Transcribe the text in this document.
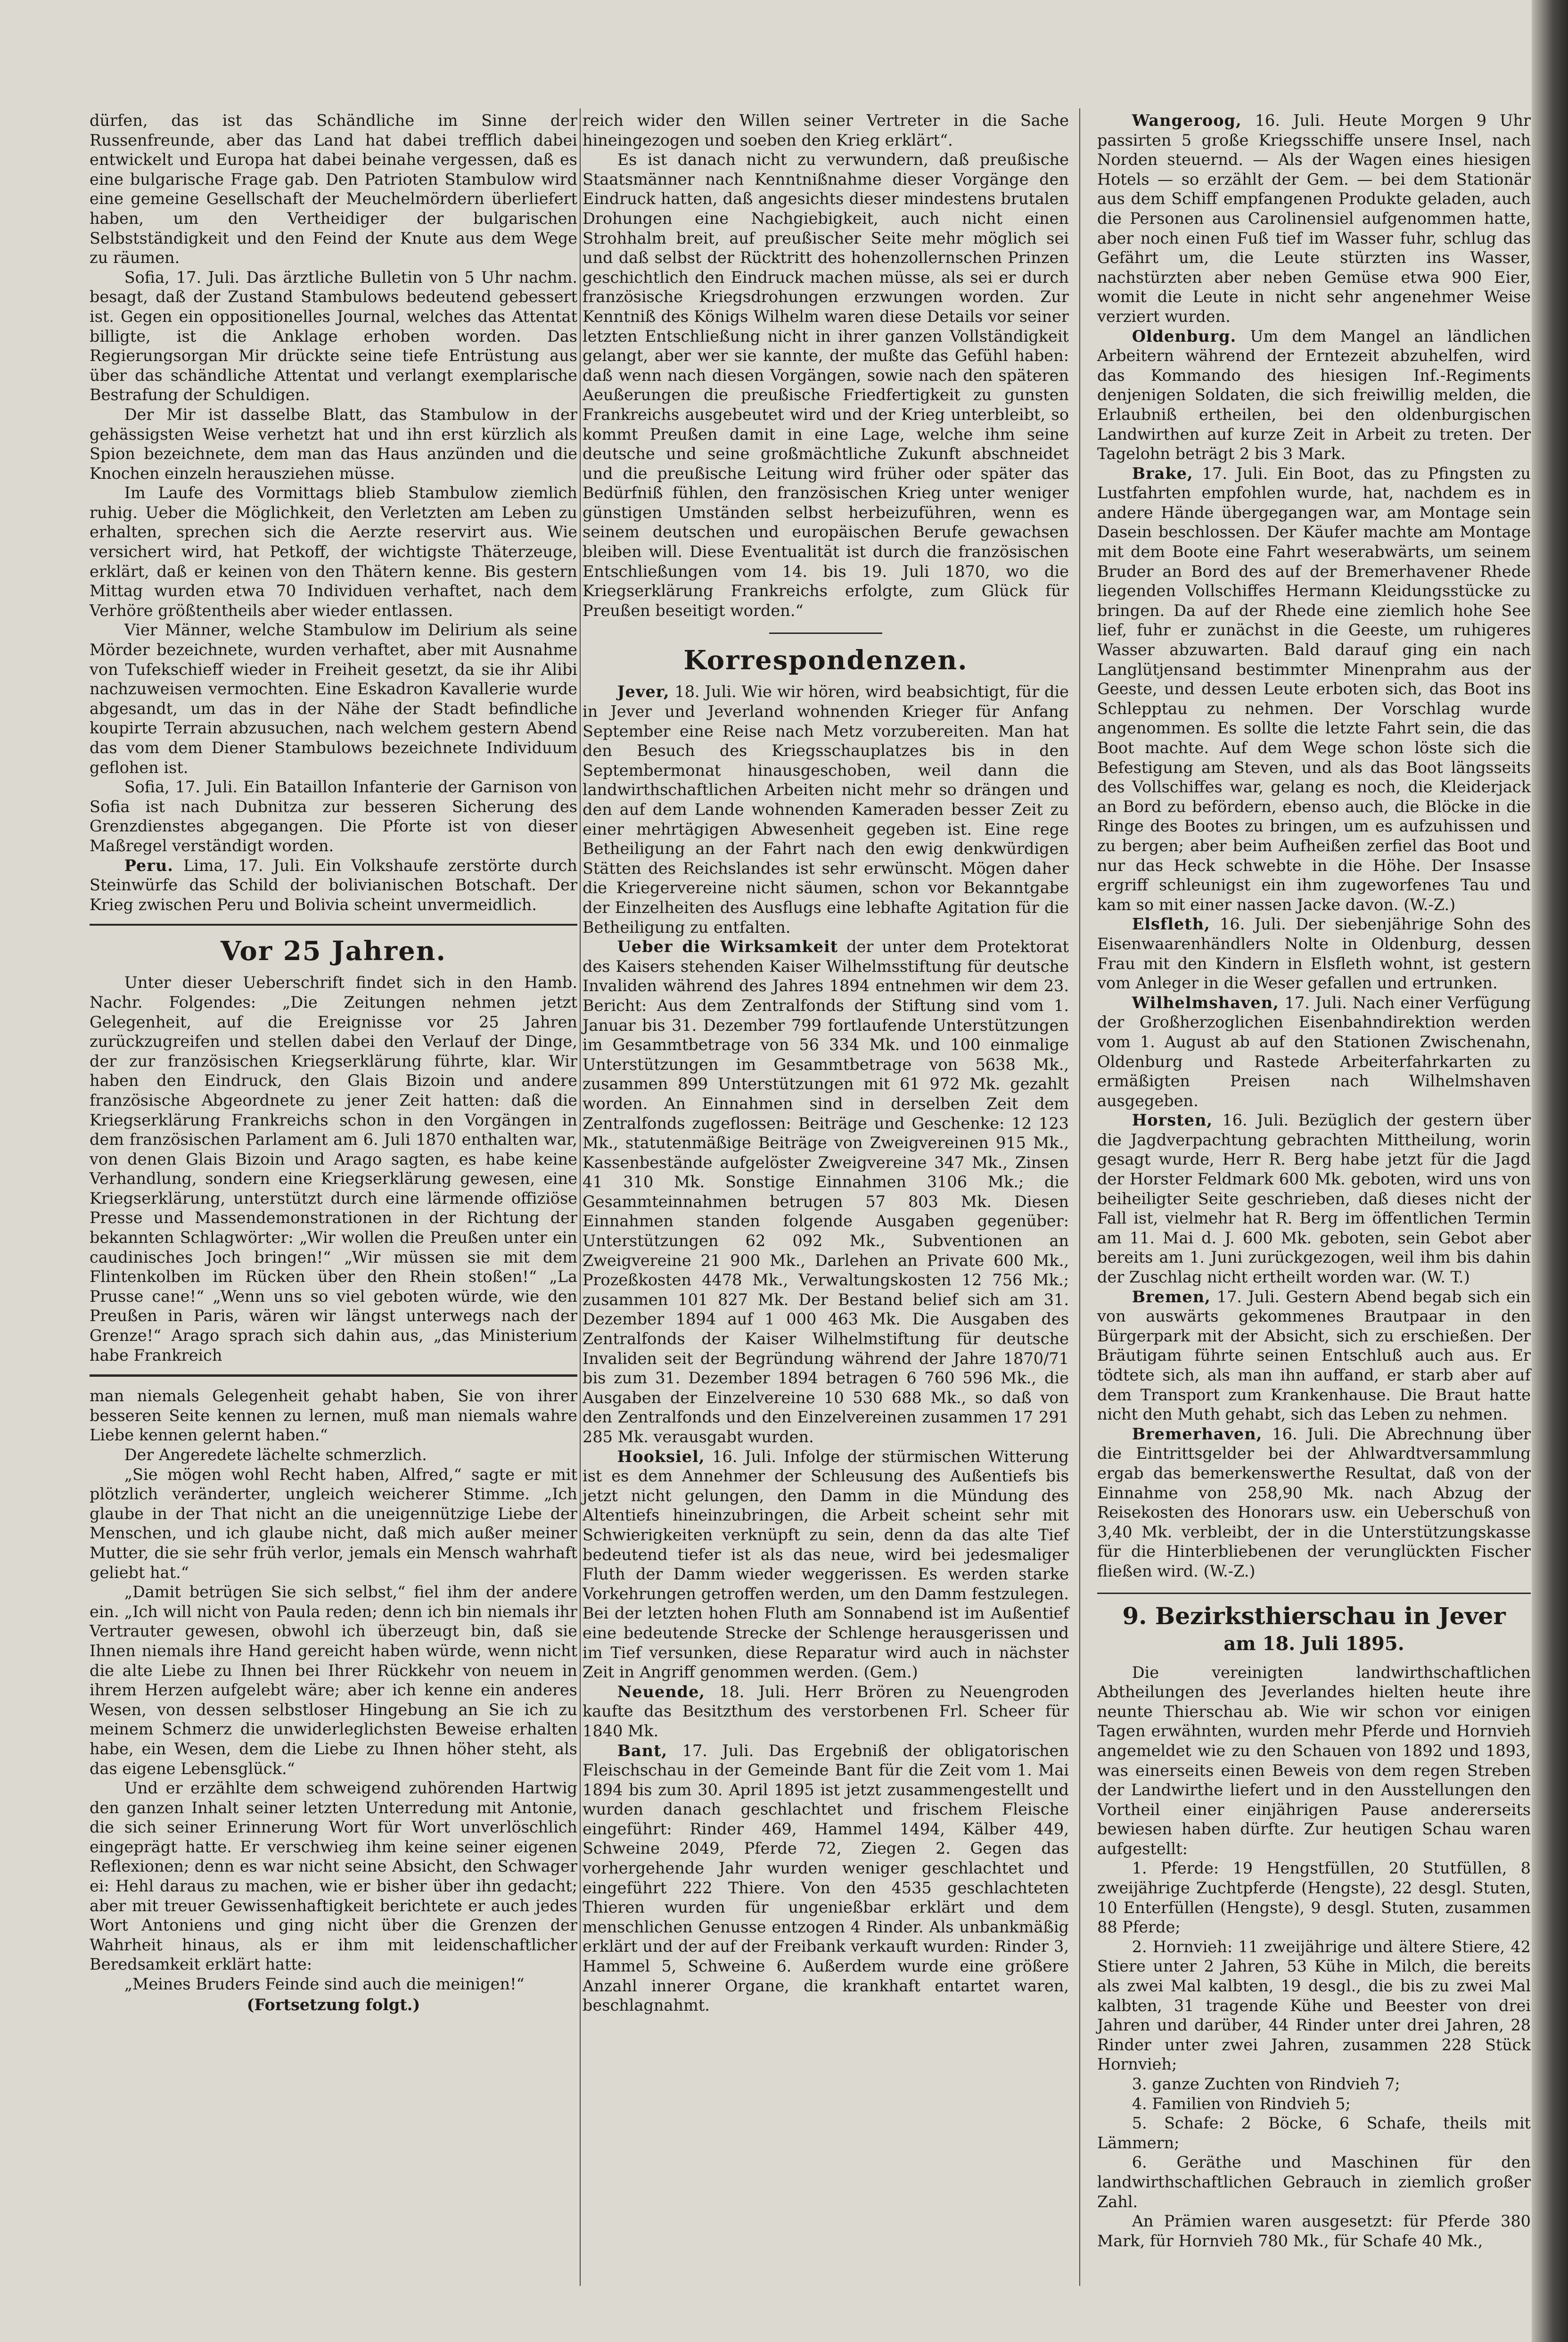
dürfen, das ist das Schändliche im Sinne der Russenfreunde, aber das Land hat dabei trefflich dabei entwickelt und Europa hat dabei beinahe vergessen, daß es eine bulgarische Frage gab. Den Patrioten Stambulow wird eine gemeine Gesellschaft der Meuchelmördern überliefert haben, um den Vertheidiger der bulgarischen Selbstständigkeit und den Feind der Knute aus dem Wege zu räumen.

Sofia, 17. Juli. Das ärztliche Bulletin von 5 Uhr nachm. besagt, daß der Zustand Stambulows bedeutend gebessert ist. Gegen ein oppositionelles Journal, welches das Attentat billigte, ist die Anklage erhoben worden. Das Regierungsorgan Mir drückte seine tiefe Entrüstung aus über das schändliche Attentat und verlangt exemplarische Bestrafung der Schuldigen.

Der Mir ist dasselbe Blatt, das Stambulow in der gehässigsten Weise verhetzt hat und ihn erst kürzlich als Spion bezeichnete, dem man das Haus anzünden und die Knochen einzeln herausziehen müsse.

Im Laufe des Vormittags blieb Stambulow ziemlich ruhig. Ueber die Möglichkeit, den Verletzten am Leben zu erhalten, sprechen sich die Aerzte reservirt aus. Wie versichert wird, hat Petkoff, der wichtigste Thäterzeuge, erklärt, daß er keinen von den Thätern kenne. Bis gestern Mittag wurden etwa 70 Individuen verhaftet, nach dem Verhöre größtentheils aber wieder entlassen.

Vier Männer, welche Stambulow im Delirium als seine Mörder bezeichnete, wurden verhaftet, aber mit Ausnahme von Tufekschieff wieder in Freiheit gesetzt, da sie ihr Alibi nachzuweisen vermochten. Eine Eskadron Kavallerie wurde abgesandt, um das in der Nähe der Stadt befindliche koupirte Terrain abzusuchen, nach welchem gestern Abend das vom dem Diener Stambulows bezeichnete Individuum geflohen ist.

Sofia, 17. Juli. Ein Bataillon Infanterie der Garnison von Sofia ist nach Dubnitza zur besseren Sicherung des Grenzdienstes abgegangen. Die Pforte ist von dieser Maßregel verständigt worden.

Peru. Lima, 17. Juli. Ein Volkshaufe zerstörte durch Steinwürfe das Schild der bolivianischen Botschaft. Der Krieg zwischen Peru und Bolivia scheint unvermeidlich.

Vor 25 Jahren.

Unter dieser Ueberschrift findet sich in den Hamb. Nachr. Folgendes: „Die Zeitungen nehmen jetzt Gelegenheit, auf die Ereignisse vor 25 Jahren zurückzugreifen und stellen dabei den Verlauf der Dinge, der zur französischen Kriegserklärung führte, klar. Wir haben den Eindruck, den Glais Bizoin und andere französische Abgeordnete zu jener Zeit hatten: daß die Kriegserklärung Frankreichs schon in den Vorgängen in dem französischen Parlament am 6. Juli 1870 enthalten war, von denen Glais Bizoin und Arago sagten, es habe keine Verhandlung, sondern eine Kriegserklärung gewesen, eine Kriegserklärung, unterstützt durch eine lärmende offiziöse Presse und Massendemonstrationen in der Richtung der bekannten Schlagwörter: „Wir wollen die Preußen unter ein caudinisches Joch bringen!“ „Wir müssen sie mit dem Flintenkolben im Rücken über den Rhein stoßen!“ „La Prusse cane!“ „Wenn uns so viel geboten würde, wie den Preußen in Paris, wären wir längst unterwegs nach der Grenze!“ Arago sprach sich dahin aus, „das Ministerium habe Frankreich

man niemals Gelegenheit gehabt haben, Sie von ihrer besseren Seite kennen zu lernen, muß man niemals wahre Liebe kennen gelernt haben.“

Der Angeredete lächelte schmerzlich.

„Sie mögen wohl Recht haben, Alfred,“ sagte er mit plötzlich veränderter, ungleich weicherer Stimme. „Ich glaube in der That nicht an die uneigennützige Liebe der Menschen, und ich glaube nicht, daß mich außer meiner Mutter, die sie sehr früh verlor, jemals ein Mensch wahrhaft geliebt hat.“

„Damit betrügen Sie sich selbst,“ fiel ihm der andere ein. „Ich will nicht von Paula reden; denn ich bin niemals ihr Vertrauter gewesen, obwohl ich überzeugt bin, daß sie Ihnen niemals ihre Hand gereicht haben würde, wenn nicht die alte Liebe zu Ihnen bei Ihrer Rückkehr von neuem in ihrem Herzen aufgelebt wäre; aber ich kenne ein anderes Wesen, von dessen selbstloser Hingebung an Sie ich zu meinem Schmerz die unwiderleglichsten Beweise erhalten habe, ein Wesen, dem die Liebe zu Ihnen höher steht, als das eigene Lebensglück.“

Und er erzählte dem schweigend zuhörenden Hartwig den ganzen Inhalt seiner letzten Unterredung mit Antonie, die sich seiner Erinnerung Wort für Wort unverlöschlich eingeprägt hatte. Er verschwieg ihm keine seiner eigenen Reflexionen; denn es war nicht seine Absicht, den Schwager ei: Hehl daraus zu machen, wie er bisher über ihn gedacht; aber mit treuer Gewissenhaftigkeit berichtete er auch jedes Wort Antoniens und ging nicht über die Grenzen der Wahrheit hinaus, als er ihm mit leidenschaftlicher Beredsamkeit erklärt hatte:

„Meines Bruders Feinde sind auch die meinigen!“

(Fortsetzung folgt.)

reich wider den Willen seiner Vertreter in die Sache hineingezogen und soeben den Krieg erklärt“.

Es ist danach nicht zu verwundern, daß preußische Staatsmänner nach Kenntnißnahme dieser Vorgänge den Eindruck hatten, daß angesichts dieser mindestens brutalen Drohungen eine Nachgiebigkeit, auch nicht einen Strohhalm breit, auf preußischer Seite mehr möglich sei und daß selbst der Rücktritt des hohenzollernschen Prinzen geschichtlich den Eindruck machen müsse, als sei er durch französische Kriegsdrohungen erzwungen worden. Zur Kenntniß des Königs Wilhelm waren diese Details vor seiner letzten Entschließung nicht in ihrer ganzen Vollständigkeit gelangt, aber wer sie kannte, der mußte das Gefühl haben: daß wenn nach diesen Vorgängen, sowie nach den späteren Aeußerungen die preußische Friedfertigkeit zu gunsten Frankreichs ausgebeutet wird und der Krieg unterbleibt, so kommt Preußen damit in eine Lage, welche ihm seine deutsche und seine großmächtliche Zukunft abschneidet und die preußische Leitung wird früher oder später das Bedürfniß fühlen, den französischen Krieg unter weniger günstigen Umständen selbst herbeizuführen, wenn es seinem deutschen und europäischen Berufe gewachsen bleiben will. Diese Eventualität ist durch die französischen Entschließungen vom 14. bis 19. Juli 1870, wo die Kriegserklärung Frankreichs erfolgte, zum Glück für Preußen beseitigt worden.“

Korrespondenzen.

Jever, 18. Juli. Wie wir hören, wird beabsichtigt, für die in Jever und Jeverland wohnenden Krieger für Anfang September eine Reise nach Metz vorzubereiten. Man hat den Besuch des Kriegsschauplatzes bis in den Septembermonat hinausgeschoben, weil dann die landwirthschaftlichen Arbeiten nicht mehr so drängen und den auf dem Lande wohnenden Kameraden besser Zeit zu einer mehrtägigen Abwesenheit gegeben ist. Eine rege Betheiligung an der Fahrt nach den ewig denkwürdigen Stätten des Reichslandes ist sehr erwünscht. Mögen daher die Kriegervereine nicht säumen, schon vor Bekanntgabe der Einzelheiten des Ausflugs eine lebhafte Agitation für die Betheiligung zu entfalten.

Ueber die Wirksamkeit der unter dem Protektorat des Kaisers stehenden Kaiser Wilhelmsstiftung für deutsche Invaliden während des Jahres 1894 entnehmen wir dem 23. Bericht: Aus dem Zentralfonds der Stiftung sind vom 1. Januar bis 31. Dezember 799 fortlaufende Unterstützungen im Gesammtbetrage von 56 334 Mk. und 100 einmalige Unterstützungen im Gesammtbetrage von 5638 Mk., zusammen 899 Unterstützungen mit 61 972 Mk. gezahlt worden. An Einnahmen sind in derselben Zeit dem Zentralfonds zugeflossen: Beiträge und Geschenke: 12 123 Mk., statutenmäßige Beiträge von Zweigvereinen 915 Mk., Kassenbestände aufgelöster Zweigvereine 347 Mk., Zinsen 41 310 Mk. Sonstige Einnahmen 3106 Mk.; die Gesammteinnahmen betrugen 57 803 Mk. Diesen Einnahmen standen folgende Ausgaben gegenüber: Unterstützungen 62 092 Mk., Subventionen an Zweigvereine 21 900 Mk., Darlehen an Private 600 Mk., Prozeßkosten 4478 Mk., Verwaltungskosten 12 756 Mk.; zusammen 101 827 Mk. Der Bestand belief sich am 31. Dezember 1894 auf 1 000 463 Mk. Die Ausgaben des Zentralfonds der Kaiser Wilhelmstiftung für deutsche Invaliden seit der Begründung während der Jahre 1870/71 bis zum 31. Dezember 1894 betragen 6 760 596 Mk., die Ausgaben der Einzelvereine 10 530 688 Mk., so daß von den Zentralfonds und den Einzelvereinen zusammen 17 291 285 Mk. verausgabt wurden.

Hooksiel, 16. Juli. Infolge der stürmischen Witterung ist es dem Annehmer der Schleusung des Außentiefs bis jetzt nicht gelungen, den Damm in die Mündung des Altentiefs hineinzubringen, die Arbeit scheint sehr mit Schwierigkeiten verknüpft zu sein, denn da das alte Tief bedeutend tiefer ist als das neue, wird bei jedesmaliger Fluth der Damm wieder weggerissen. Es werden starke Vorkehrungen getroffen werden, um den Damm festzulegen. Bei der letzten hohen Fluth am Sonnabend ist im Außentief eine bedeutende Strecke der Schlenge herausgerissen und im Tief versunken, diese Reparatur wird auch in nächster Zeit in Angriff genommen werden. (Gem.)

Neuende, 18. Juli. Herr Brören zu Neuengroden kaufte das Besitzthum des verstorbenen Frl. Scheer für 1840 Mk.

Bant, 17. Juli. Das Ergebniß der obligatorischen Fleischschau in der Gemeinde Bant für die Zeit vom 1. Mai 1894 bis zum 30. April 1895 ist jetzt zusammengestellt und wurden danach geschlachtet und frischem Fleische eingeführt: Rinder 469, Hammel 1494, Kälber 449, Schweine 2049, Pferde 72, Ziegen 2. Gegen das vorhergehende Jahr wurden weniger geschlachtet und eingeführt 222 Thiere. Von den 4535 geschlachteten Thieren wurden für ungenießbar erklärt und dem menschlichen Genusse entzogen 4 Rinder. Als unbankmäßig erklärt und der auf der Freibank verkauft wurden: Rinder 3, Hammel 5, Schweine 6. Außerdem wurde eine größere Anzahl innerer Organe, die krankhaft entartet waren, beschlagnahmt.

Wangeroog, 16. Juli. Heute Morgen 9 Uhr passirten 5 große Kriegsschiffe unsere Insel, nach Norden steuernd. — Als der Wagen eines hiesigen Hotels — so erzählt der Gem. — bei dem Stationär aus dem Schiff empfangenen Produkte geladen, auch die Personen aus Carolinensiel aufgenommen hatte, aber noch einen Fuß tief im Wasser fuhr, schlug das Gefährt um, die Leute stürzten ins Wasser, nachstürzten aber neben Gemüse etwa 900 Eier, womit die Leute in nicht sehr angenehmer Weise verziert wurden.

Oldenburg. Um dem Mangel an ländlichen Arbeitern während der Erntezeit abzuhelfen, wird das Kommando des hiesigen Inf.-Regiments denjenigen Soldaten, die sich freiwillig melden, die Erlaubniß ertheilen, bei den oldenburgischen Landwirthen auf kurze Zeit in Arbeit zu treten. Der Tagelohn beträgt 2 bis 3 Mark.

Brake, 17. Juli. Ein Boot, das zu Pfingsten zu Lustfahrten empfohlen wurde, hat, nachdem es in andere Hände übergegangen war, am Montage sein Dasein beschlossen. Der Käufer machte am Montage mit dem Boote eine Fahrt weserabwärts, um seinem Bruder an Bord des auf der Bremerhavener Rhede liegenden Vollschiffes Hermann Kleidungsstücke zu bringen. Da auf der Rhede eine ziemlich hohe See lief, fuhr er zunächst in die Geeste, um ruhigeres Wasser abzuwarten. Bald darauf ging ein nach Langlütjensand bestimmter Minenprahm aus der Geeste, und dessen Leute erboten sich, das Boot ins Schlepptau zu nehmen. Der Vorschlag wurde angenommen. Es sollte die letzte Fahrt sein, die das Boot machte. Auf dem Wege schon löste sich die Befestigung am Steven, und als das Boot längsseits des Vollschiffes war, gelang es noch, die Kleiderjack an Bord zu befördern, ebenso auch, die Blöcke in die Ringe des Bootes zu bringen, um es aufzuhissen und zu bergen; aber beim Aufheißen zerfiel das Boot und nur das Heck schwebte in die Höhe. Der Insasse ergriff schleunigst ein ihm zugeworfenes Tau und kam so mit einer nassen Jacke davon. (W.-Z.)

Elsfleth, 16. Juli. Der siebenjährige Sohn des Eisenwaarenhändlers Nolte in Oldenburg, dessen Frau mit den Kindern in Elsfleth wohnt, ist gestern vom Anleger in die Weser gefallen und ertrunken.

Wilhelmshaven, 17. Juli. Nach einer Verfügung der Großherzoglichen Eisenbahndirektion werden vom 1. August ab auf den Stationen Zwischenahn, Oldenburg und Rastede Arbeiterfahrkarten zu ermäßigten Preisen nach Wilhelmshaven ausgegeben.

Horsten, 16. Juli. Bezüglich der gestern über die Jagdverpachtung gebrachten Mittheilung, worin gesagt wurde, Herr R. Berg habe jetzt für die Jagd der Horster Feldmark 600 Mk. geboten, wird uns von beiheiligter Seite geschrieben, daß dieses nicht der Fall ist, vielmehr hat R. Berg im öffentlichen Termin am 11. Mai d. J. 600 Mk. geboten, sein Gebot aber bereits am 1. Juni zurückgezogen, weil ihm bis dahin der Zuschlag nicht ertheilt worden war. (W. T.)

Bremen, 17. Juli. Gestern Abend begab sich ein von auswärts gekommenes Brautpaar in den Bürgerpark mit der Absicht, sich zu erschießen. Der Bräutigam führte seinen Entschluß auch aus. Er tödtete sich, als man ihn auffand, er starb aber auf dem Transport zum Krankenhause. Die Braut hatte nicht den Muth gehabt, sich das Leben zu nehmen.

Bremerhaven, 16. Juli. Die Abrechnung über die Eintrittsgelder bei der Ahlwardtversammlung ergab das bemerkenswerthe Resultat, daß von der Einnahme von 258,90 Mk. nach Abzug der Reisekosten des Honorars usw. ein Ueberschuß von 3,40 Mk. verbleibt, der in die Unterstützungskasse für die Hinterbliebenen der verunglückten Fischer fließen wird. (W.-Z.)

9. Bezirksthierschau in Jever
am 18. Juli 1895.

Die vereinigten landwirthschaftlichen Abtheilungen des Jeverlandes hielten heute ihre neunte Thierschau ab. Wie wir schon vor einigen Tagen erwähnten, wurden mehr Pferde und Hornvieh angemeldet wie zu den Schauen von 1892 und 1893, was einerseits einen Beweis von dem regen Streben der Landwirthe liefert und in den Ausstellungen den Vortheil einer einjährigen Pause andererseits bewiesen haben dürfte. Zur heutigen Schau waren aufgestellt:

1. Pferde: 19 Hengstfüllen, 20 Stutfüllen, 8 zweijährige Zuchtpferde (Hengste), 22 desgl. Stuten, 10 Enterfüllen (Hengste), 9 desgl. Stuten, zusammen 88 Pferde;

2. Hornvieh: 11 zweijährige und ältere Stiere, 42 Stiere unter 2 Jahren, 53 Kühe in Milch, die bereits als zwei Mal kalbten, 19 desgl., die bis zu zwei Mal kalbten, 31 tragende Kühe und Beester von drei Jahren und darüber, 44 Rinder unter drei Jahren, 28 Rinder unter zwei Jahren, zusammen 228 Stück Hornvieh;

3. ganze Zuchten von Rindvieh 7;

4. Familien von Rindvieh 5;

5. Schafe: 2 Böcke, 6 Schafe, theils mit Lämmern;

6. Geräthe und Maschinen für den landwirthschaftlichen Gebrauch in ziemlich großer Zahl.

An Prämien waren ausgesetzt: für Pferde 380 Mark, für Hornvieh 780 Mk., für Schafe 40 Mk.,
